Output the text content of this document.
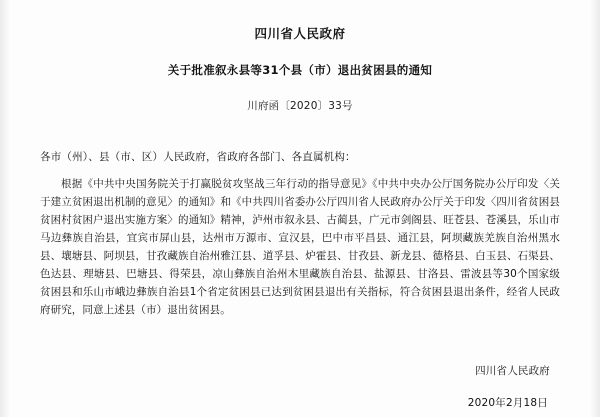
四川省人民政府
关于批准叙永县等31个县（市）退出贫困县的通知
川府函〔2020〕33号
各市（州）、县（市、区）人民政府，省政府各部门、各直属机构：
根据《中共中央国务院关于打赢脱贫攻坚战三年行动的指导意见》《中共中央办公厅国务院办公厅印发〈关于建立贫困退出机制的意见〉的通知》和《中共四川省委办公厅四川省人民政府办公厅关于印发〈四川省贫困县贫困村贫困户退出实施方案〉的通知》精神，泸州市叙永县、古蔺县，广元市剑阁县、旺苍县、苍溪县，乐山市马边彝族自治县，宜宾市屏山县，达州市万源市、宣汉县，巴中市平昌县、通江县，阿坝藏族羌族自治州黑水县、壤塘县、阿坝县，甘孜藏族自治州雅江县、道孚县、炉霍县、甘孜县、新龙县、德格县、白玉县、石渠县、色达县、理塘县、巴塘县、得荣县，凉山彝族自治州木里藏族自治县、盐源县、甘洛县、雷波县等30个国家级贫困县和乐山市峨边彝族自治县1个省定贫困县已达到贫困县退出有关指标，符合贫困县退出条件，经省人民政府研究，同意上述县（市）退出贫困县。
四川省人民政府
2020年2月18日
